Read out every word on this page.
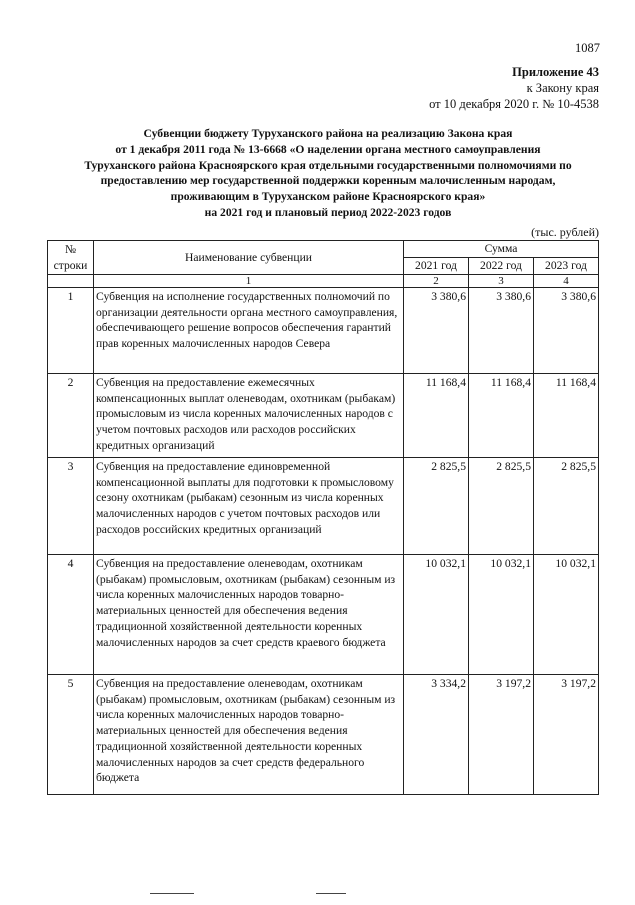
1087
Приложение 43
к Закону края
от 10 декабря 2020 г. № 10-4538
Субвенции бюджету Туруханского района на реализацию Закона края
от 1 декабря 2011 года № 13-6668 «О наделении органа местного самоуправления
Туруханского района Красноярского края отдельными государственными полномочиями по
предоставлению мер государственной поддержки коренным малочисленным народам,
проживающим в Туруханском районе Красноярского края»
на 2021 год и плановый период 2022-2023 годов
(тыс. рублей)
№ строки	Наименование субвенции	Сумма		
		2021 год	2022 год	2023 год
	1	2	3	4
1	Субвенция на исполнение государственных полномочий по организации деятельности органа местного самоуправления, обеспечивающего решение вопросов обеспечения гарантий прав коренных малочисленных народов Севера	3 380,6	3 380,6	3 380,6
2	Субвенция на предоставление ежемесячных компенсационных выплат оленеводам, охотникам (рыбакам) промысловым из числа коренных малочисленных народов с учетом почтовых расходов или расходов российских кредитных организаций	11 168,4	11 168,4	11 168,4
3	Субвенция на предоставление единовременной компенсационной выплаты для подготовки к промысловому сезону охотникам (рыбакам) сезонным из числа коренных малочисленных народов с учетом почтовых расходов или расходов российских кредитных организаций	2 825,5	2 825,5	2 825,5
4	Субвенция на предоставление оленеводам, охотникам (рыбакам) промысловым, охотникам (рыбакам) сезонным из числа коренных малочисленных народов товарно-материальных ценностей для обеспечения ведения традиционной хозяйственной деятельности коренных малочисленных народов за счет средств краевого бюджета	10 032,1	10 032,1	10 032,1
5	Субвенция на предоставление оленеводам, охотникам (рыбакам) промысловым, охотникам (рыбакам) сезонным из числа коренных малочисленных народов товарно-материальных ценностей для обеспечения ведения традиционной хозяйственной деятельности коренных малочисленных народов за счет средств федерального бюджета	3 334,2	3 197,2	3 197,2
